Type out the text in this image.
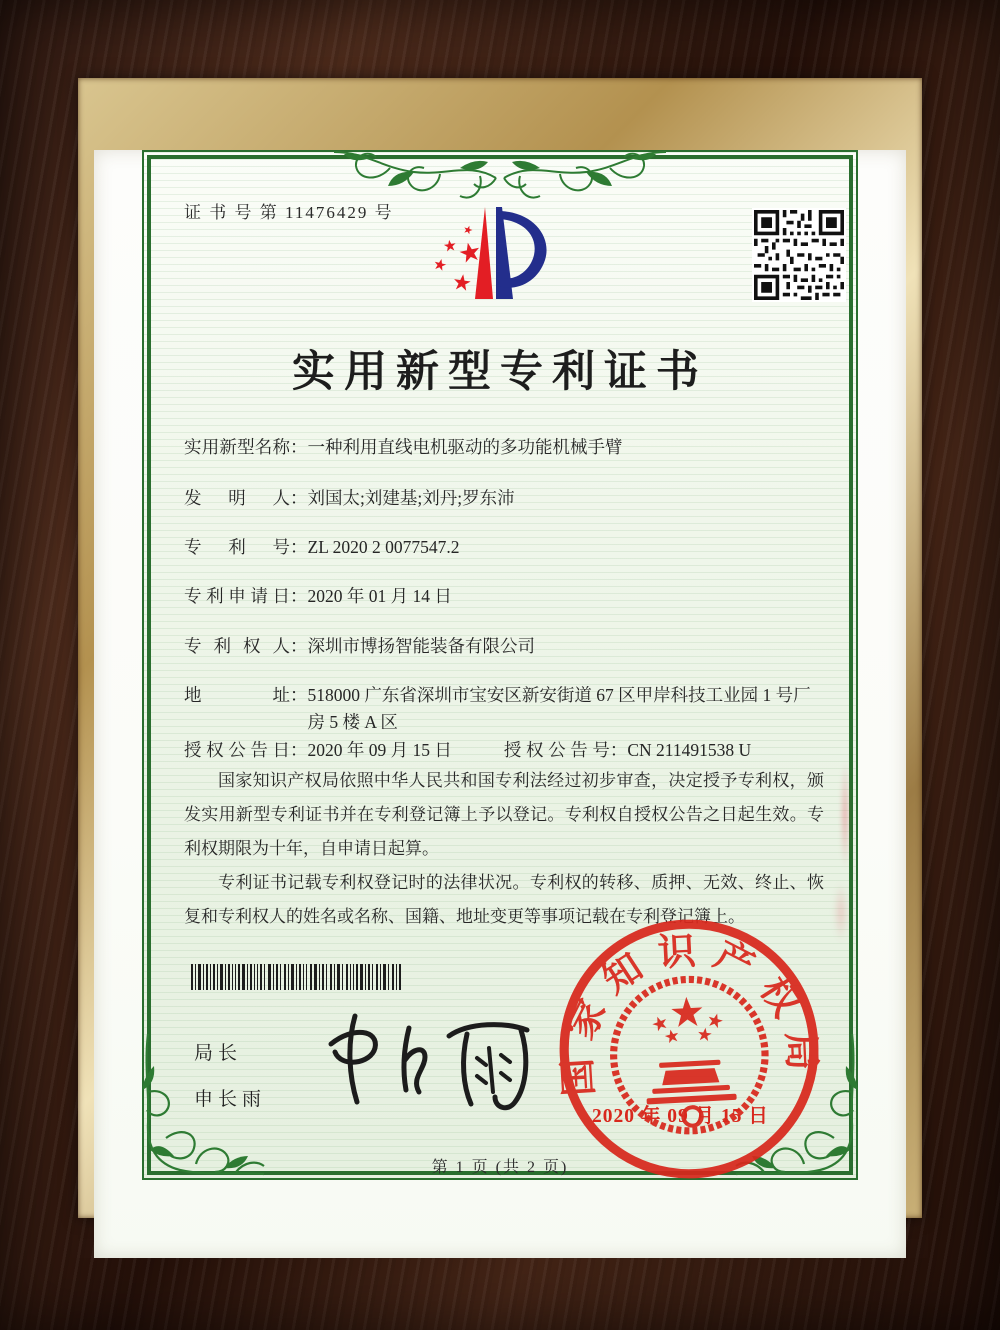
证 书 号 第 11476429 号
实用新型专利证书
实用新型名称：一种利用直线电机驱动的多功能机械手臂
发明人：刘国太;刘建基;刘丹;罗东沛
专利号：ZL 2020 2 0077547.2
专利申请日：2020 年 01 月 14 日
专利权人：深圳市博扬智能装备有限公司
地址：518000 广东省深圳市宝安区新安街道 67 区甲岸科技工业园 1 号厂房 5 楼 A 区
授权公告日：2020 年 09 月 15 日	授权公告号：CN 211491538 U

国家知识产权局依照中华人民共和国专利法经过初步审查，决定授予专利权，颁发实用新型专利证书并在专利登记簿上予以登记。专利权自授权公告之日起生效。专利权期限为十年，自申请日起算。

专利证书记载专利权登记时的法律状况。专利权的转移、质押、无效、终止、恢复和专利权人的姓名或名称、国籍、地址变更等事项记载在专利登记簿上。

局长
申长雨
国家知识产权局
2020 年 09 月 15 日
第 1 页 (共 2 页)
